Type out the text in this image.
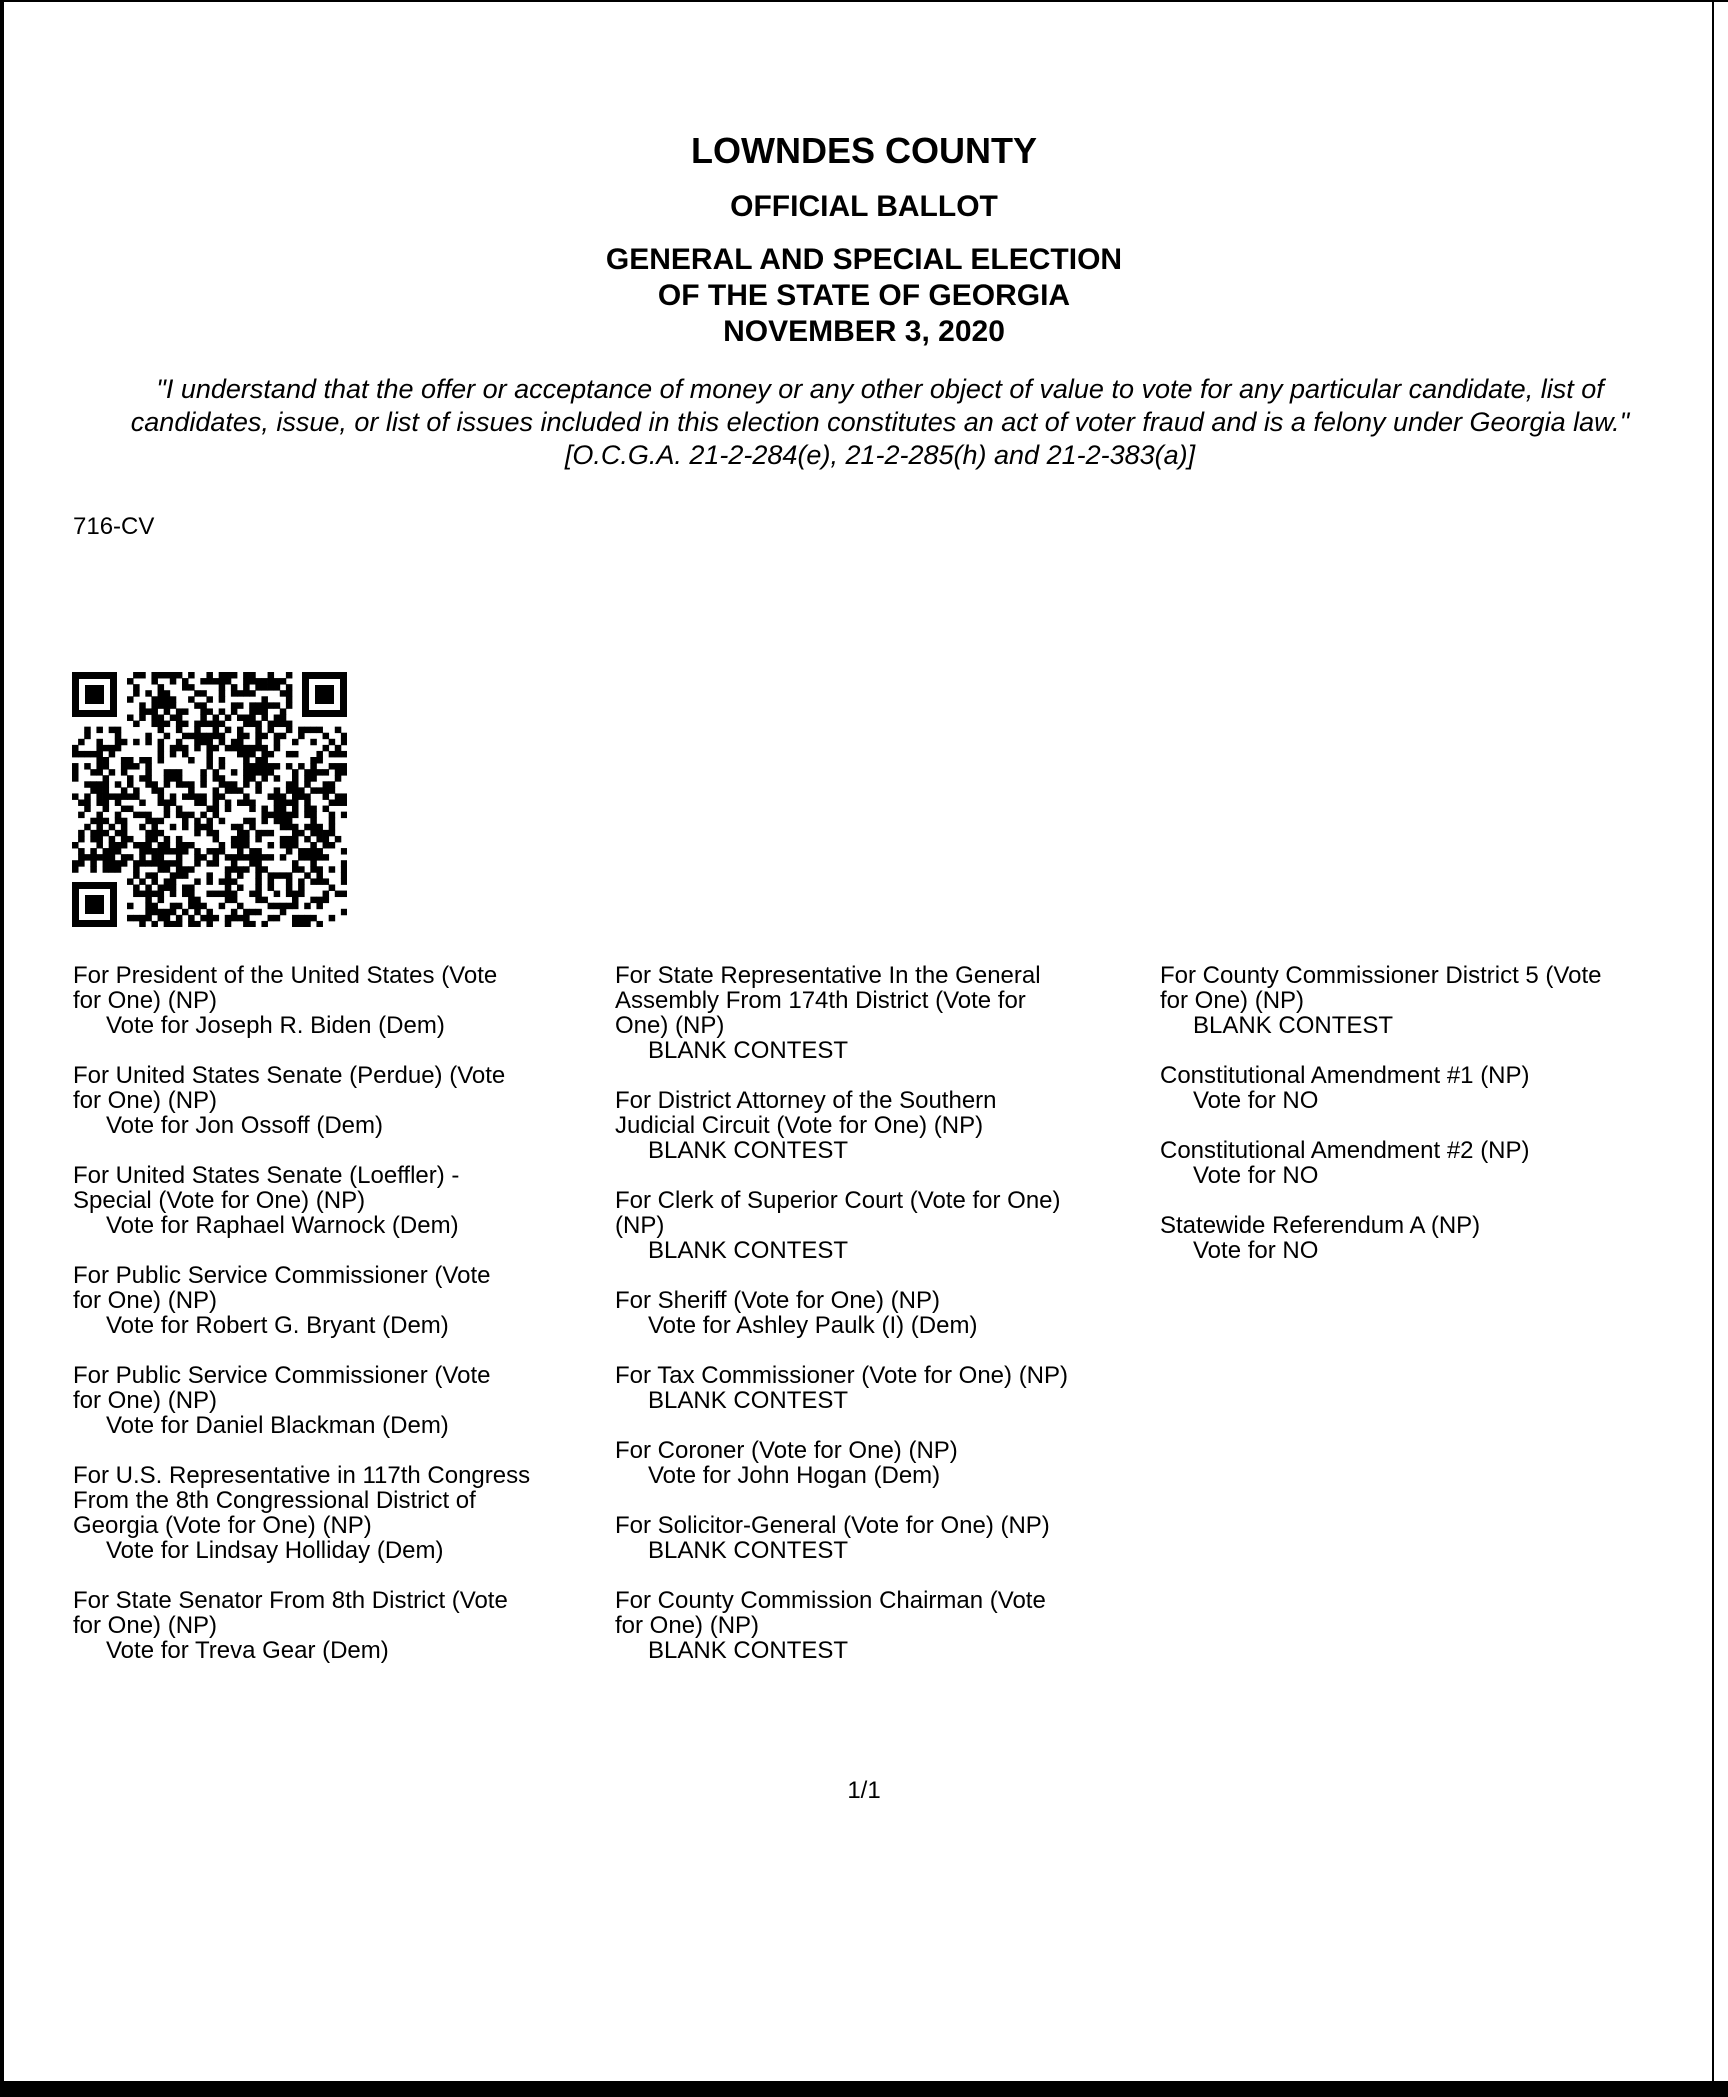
LOWNDES COUNTY
OFFICIAL BALLOT
GENERAL AND SPECIAL ELECTION
OF THE STATE OF GEORGIA
NOVEMBER 3, 2020
"I understand that the offer or acceptance of money or any other object of value to vote for any particular candidate, list of candidates, issue, or list of issues included in this election constitutes an act of voter fraud and is a felony under Georgia law." [O.C.G.A. 21-2-284(e), 21-2-285(h) and 21-2-383(a)]
716-CV
For President of the United States (Vote
for One) (NP)
Vote for Joseph R. Biden (Dem)
For United States Senate (Perdue) (Vote
for One) (NP)
Vote for Jon Ossoff (Dem)
For United States Senate (Loeffler) -
Special (Vote for One) (NP)
Vote for Raphael Warnock (Dem)
For Public Service Commissioner (Vote
for One) (NP)
Vote for Robert G. Bryant (Dem)
For Public Service Commissioner (Vote
for One) (NP)
Vote for Daniel Blackman (Dem)
For U.S. Representative in 117th Congress
From the 8th Congressional District of
Georgia (Vote for One) (NP)
Vote for Lindsay Holliday (Dem)
For State Senator From 8th District (Vote
for One) (NP)
Vote for Treva Gear (Dem)
For State Representative In the General
Assembly From 174th District (Vote for
One) (NP)
BLANK CONTEST
For District Attorney of the Southern
Judicial Circuit (Vote for One) (NP)
BLANK CONTEST
For Clerk of Superior Court (Vote for One)
(NP)
BLANK CONTEST
For Sheriff (Vote for One) (NP)
Vote for Ashley Paulk (I) (Dem)
For Tax Commissioner (Vote for One) (NP)
BLANK CONTEST
For Coroner (Vote for One) (NP)
Vote for John Hogan (Dem)
For Solicitor-General (Vote for One) (NP)
BLANK CONTEST
For County Commission Chairman (Vote
for One) (NP)
BLANK CONTEST
For County Commissioner District 5 (Vote
for One) (NP)
BLANK CONTEST
Constitutional Amendment #1 (NP)
Vote for NO
Constitutional Amendment #2 (NP)
Vote for NO
Statewide Referendum A (NP)
Vote for NO
1/1
